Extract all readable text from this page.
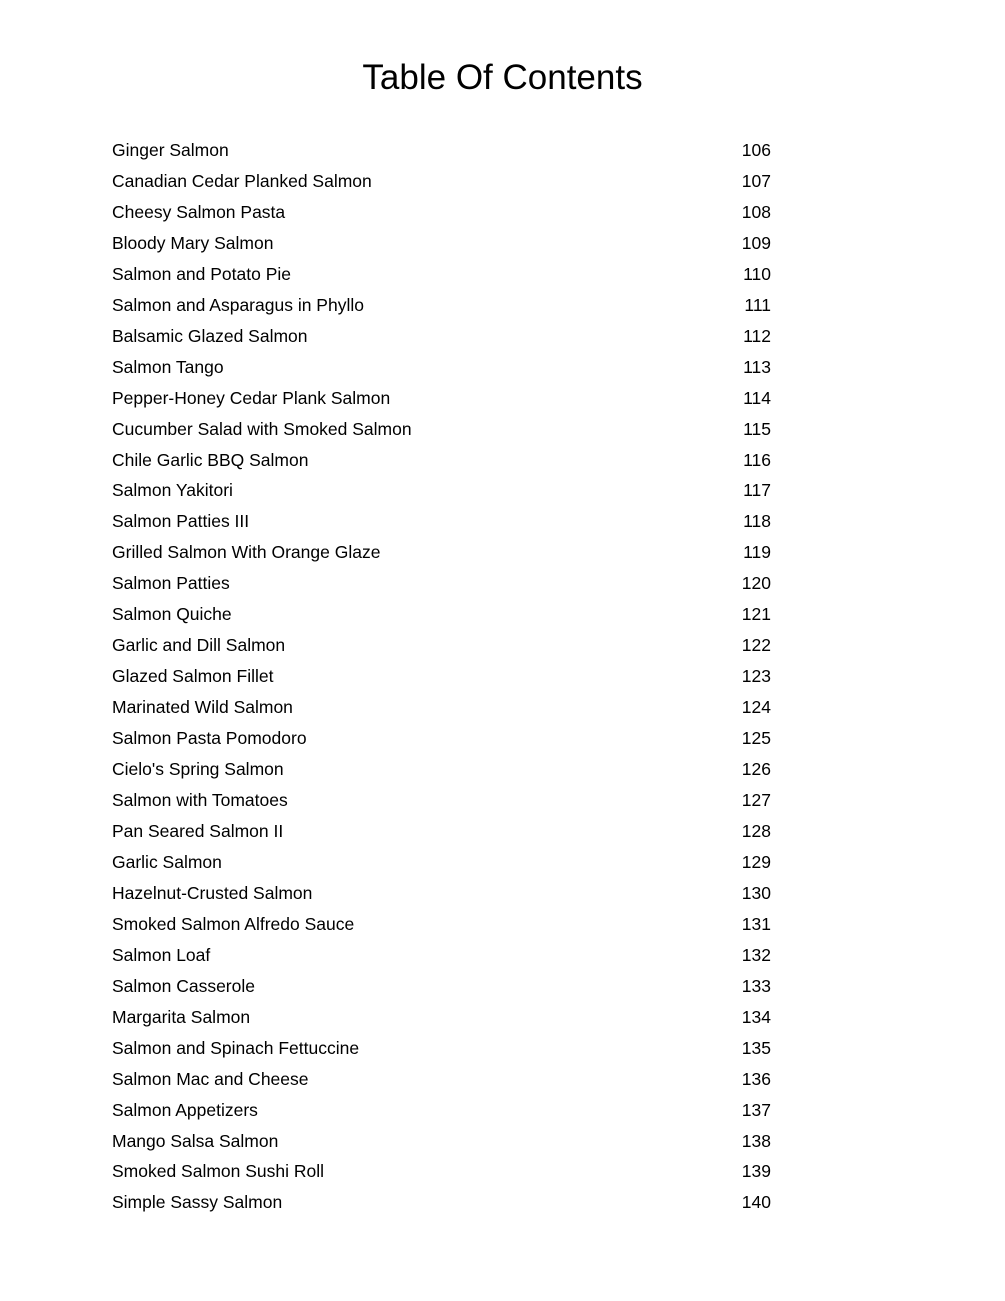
Table Of Contents
Ginger Salmon	106
Canadian Cedar Planked Salmon	107
Cheesy Salmon Pasta	108
Bloody Mary Salmon	109
Salmon and Potato Pie	110
Salmon and Asparagus in Phyllo	111
Balsamic Glazed Salmon	112
Salmon Tango	113
Pepper-Honey Cedar Plank Salmon	114
Cucumber Salad with Smoked Salmon	115
Chile Garlic BBQ Salmon	116
Salmon Yakitori	117
Salmon Patties III	118
Grilled Salmon With Orange Glaze	119
Salmon Patties	120
Salmon Quiche	121
Garlic and Dill Salmon	122
Glazed Salmon Fillet	123
Marinated Wild Salmon	124
Salmon Pasta Pomodoro	125
Cielo's Spring Salmon	126
Salmon with Tomatoes	127
Pan Seared Salmon II	128
Garlic Salmon	129
Hazelnut-Crusted Salmon	130
Smoked Salmon Alfredo Sauce	131
Salmon Loaf	132
Salmon Casserole	133
Margarita Salmon	134
Salmon and Spinach Fettuccine	135
Salmon Mac and Cheese	136
Salmon Appetizers	137
Mango Salsa Salmon	138
Smoked Salmon Sushi Roll	139
Simple Sassy Salmon	140
